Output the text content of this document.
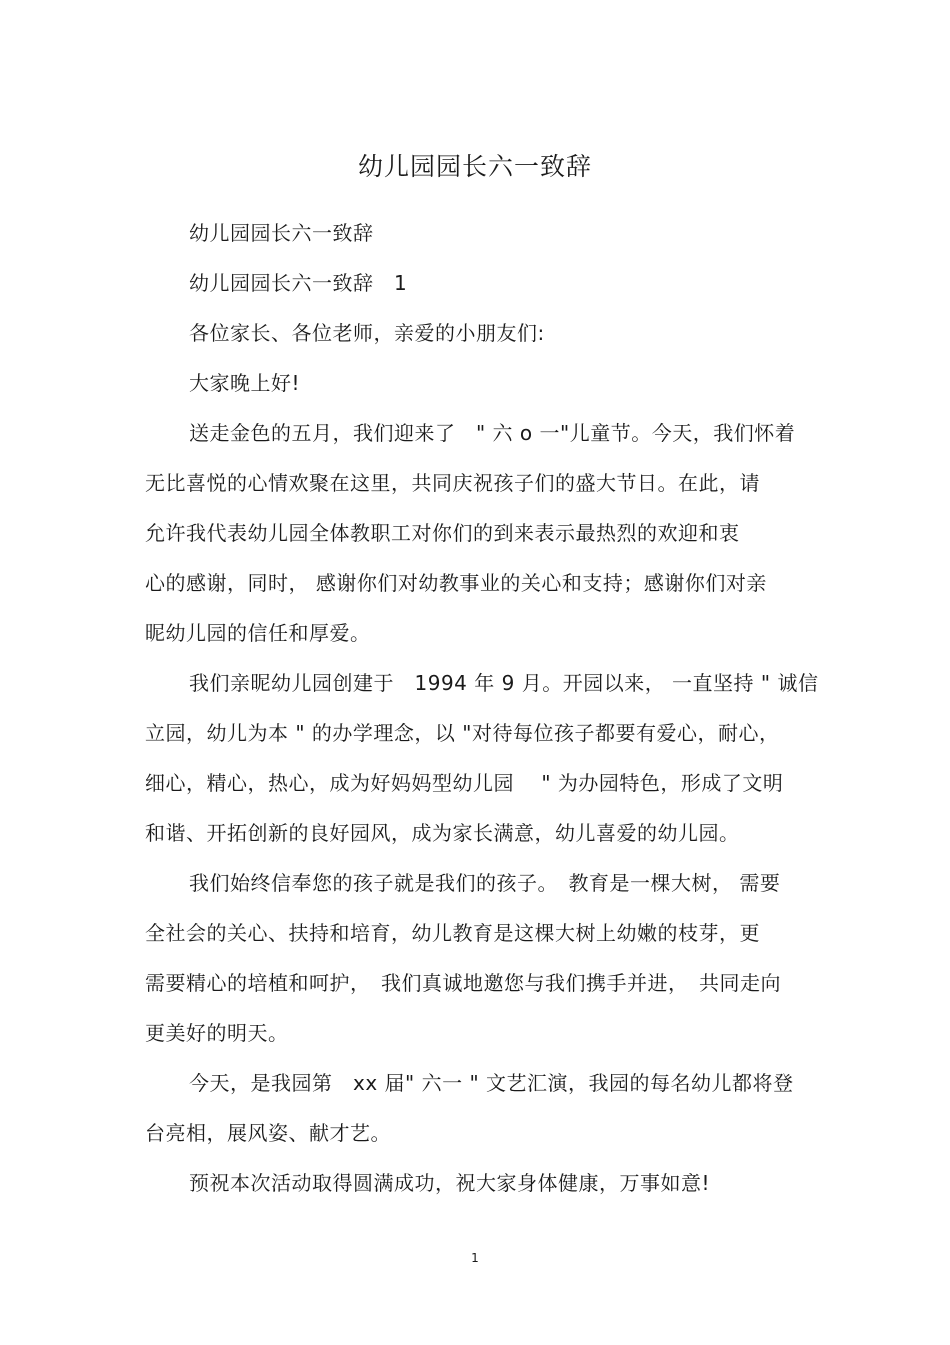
幼儿园园长六一致辞
幼儿园园长六一致辞
幼儿园园长六一致辞　1
各位家长、各位老师，亲爱的小朋友们:
大家晚上好!
送走金色的五月，我们迎来了　" 六 o 一"儿童节。今天，我们怀着
无比喜悦的心情欢聚在这里，共同庆祝孩子们的盛大节日。在此，请
允许我代表幼儿园全体教职工对你们的到来表示最热烈的欢迎和衷
心的感谢，同时， 感谢你们对幼教事业的关心和支持；感谢你们对亲
昵幼儿园的信任和厚爱。
我们亲昵幼儿园创建于　1994 年 9 月。开园以来， 一直坚持 " 诚信
立园，幼儿为本 " 的办学理念，以 "对待每位孩子都要有爱心，耐心，
细心，精心，热心，成为好妈妈型幼儿园　 " 为办园特色，形成了文明
和谐、开拓创新的良好园风，成为家长满意，幼儿喜爱的幼儿园。
我们始终信奉您的孩子就是我们的孩子。　教育是一棵大树， 需要
全社会的关心、扶持和培育，幼儿教育是这棵大树上幼嫩的枝芽，更
需要精心的培植和呵护，　我们真诚地邀您与我们携手并进，　共同走向
更美好的明天。
今天，是我园第　xx 届" 六一 " 文艺汇演，我园的每名幼儿都将登
台亮相，展风姿、献才艺。
预祝本次活动取得圆满成功，祝大家身体健康，万事如意!
1
